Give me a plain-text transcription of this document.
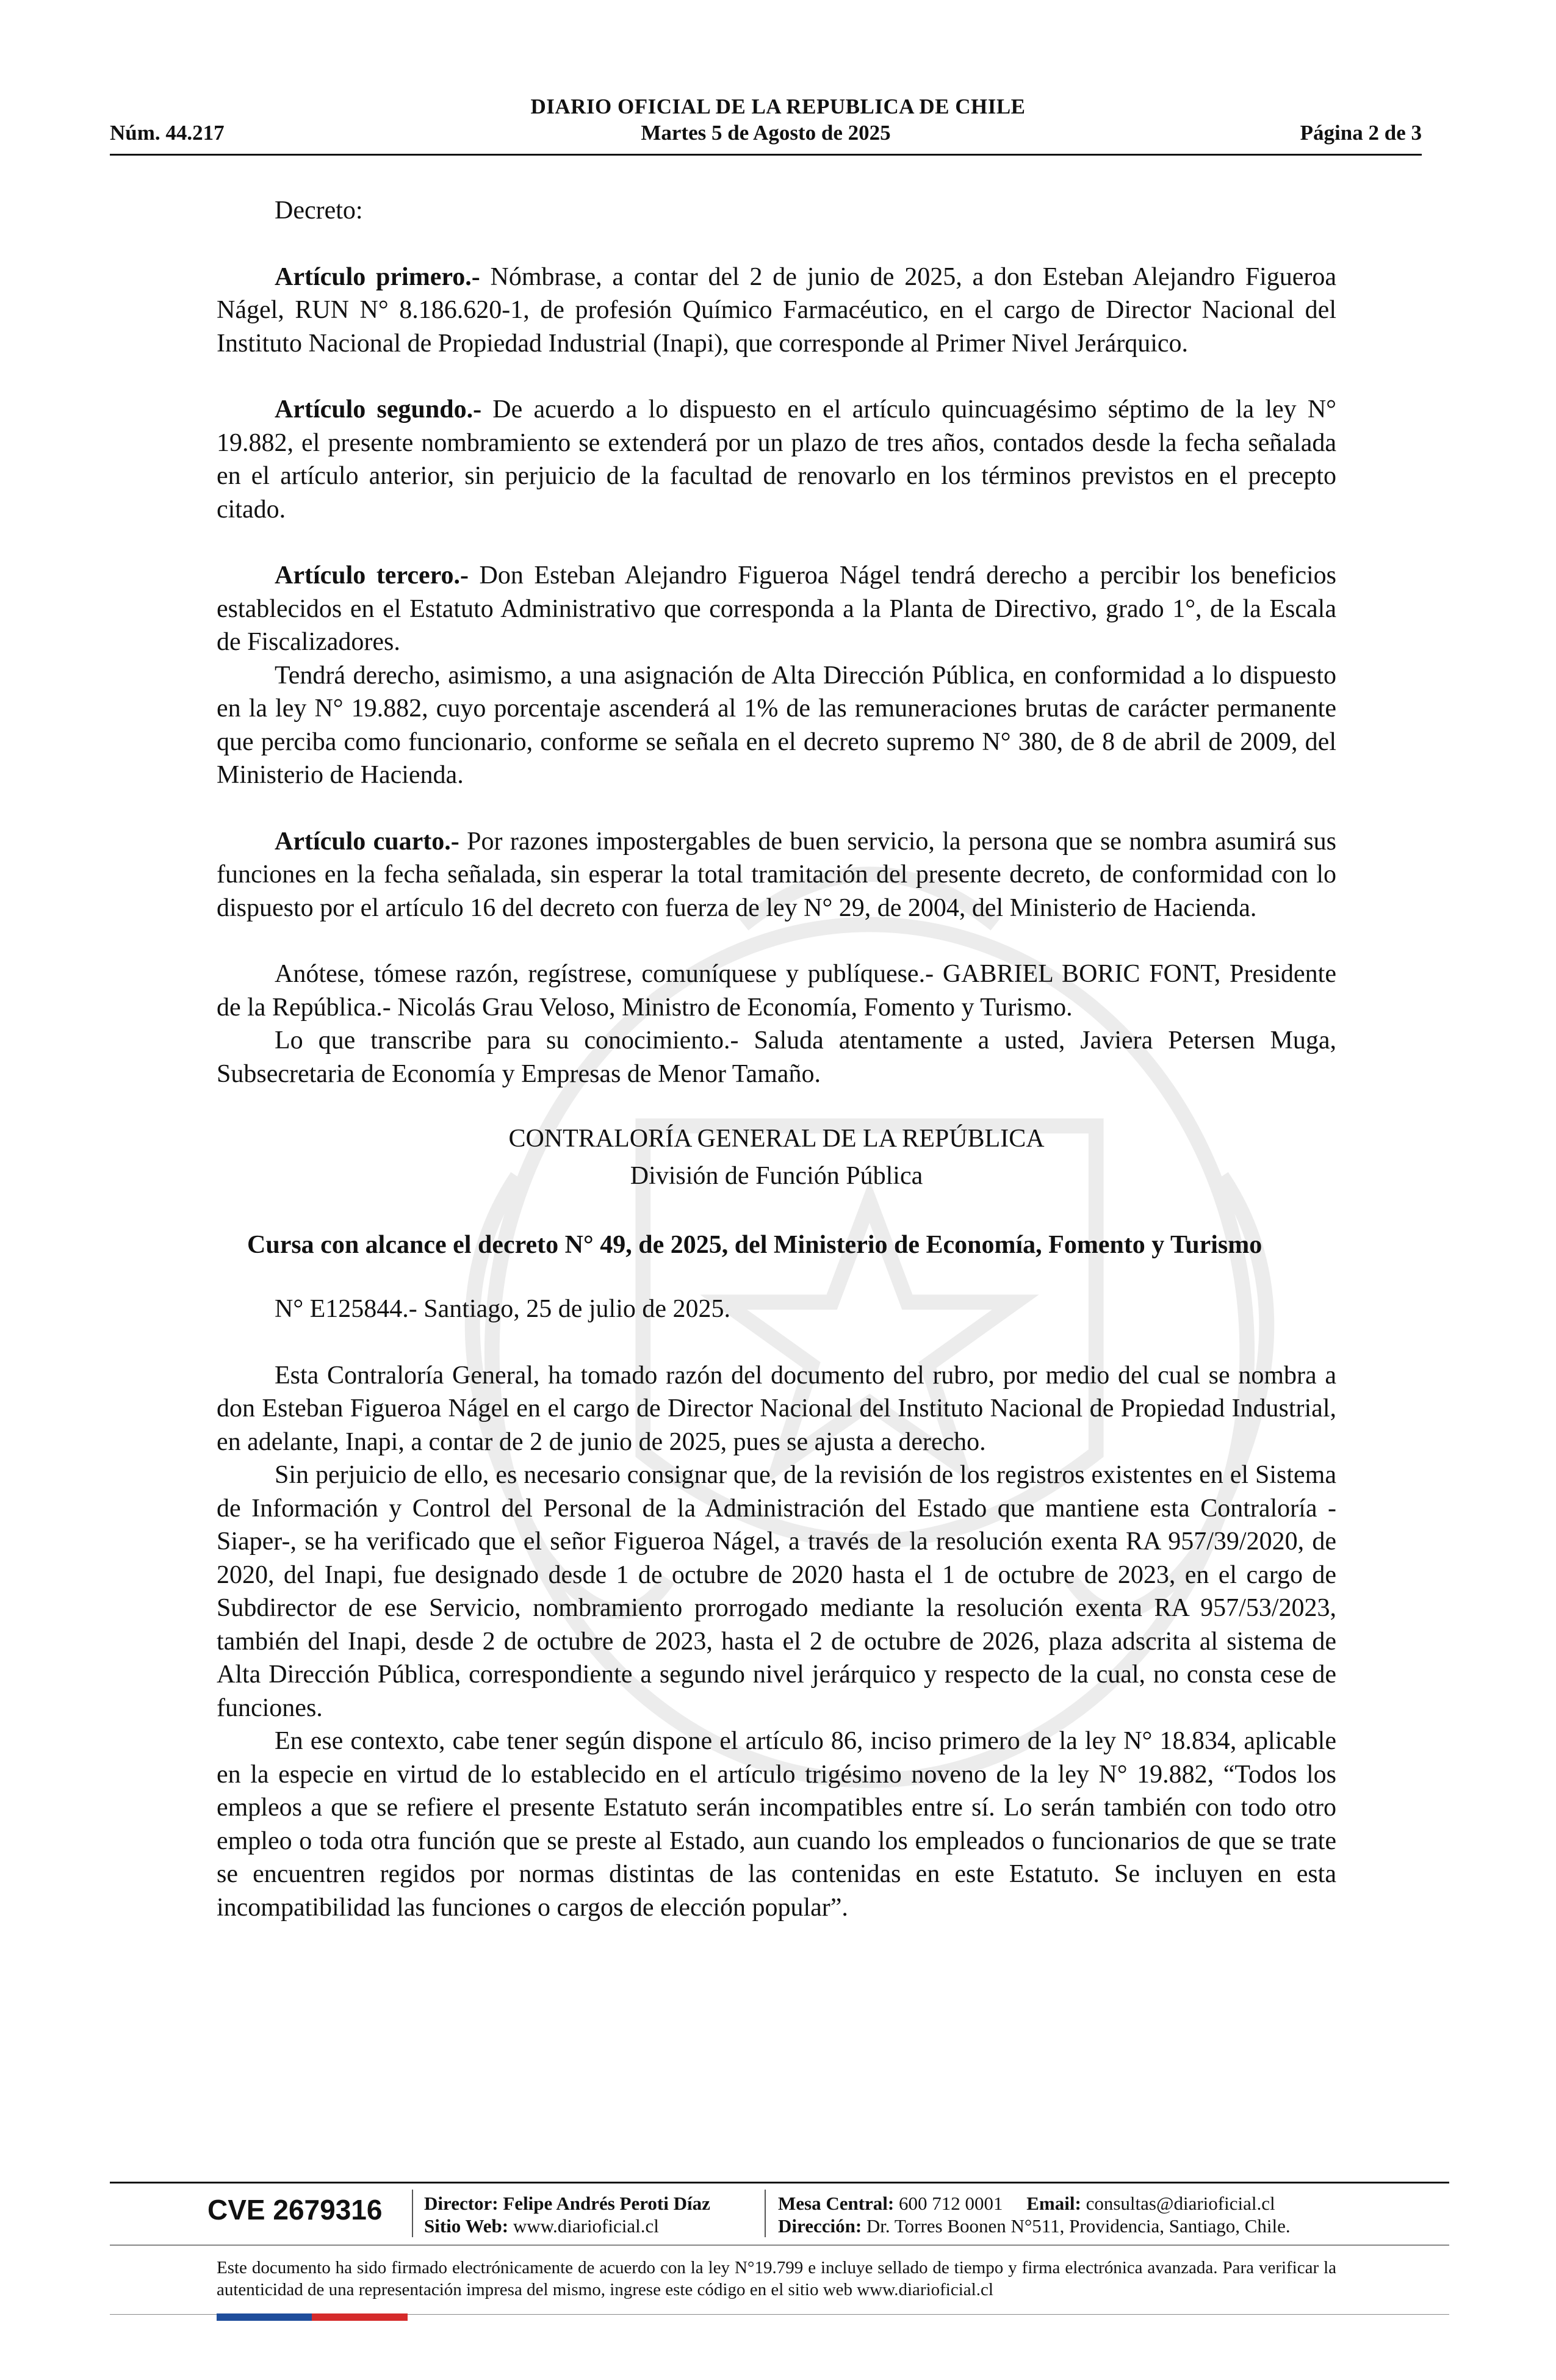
DIARIO OFICIAL DE LA REPUBLICA DE CHILE
Núm. 44.217	Martes 5 de Agosto de 2025	Página 2 de 3

Decreto:

Artículo primero.- Nómbrase, a contar del 2 de junio de 2025, a don Esteban Alejandro Figueroa Nágel, RUN N° 8.186.620-1, de profesión Químico Farmacéutico, en el cargo de Director Nacional del Instituto Nacional de Propiedad Industrial (Inapi), que corresponde al Primer Nivel Jerárquico.

Artículo segundo.- De acuerdo a lo dispuesto en el artículo quincuagésimo séptimo de la ley N° 19.882, el presente nombramiento se extenderá por un plazo de tres años, contados desde la fecha señalada en el artículo anterior, sin perjuicio de la facultad de renovarlo en los términos previstos en el precepto citado.

Artículo tercero.- Don Esteban Alejandro Figueroa Nágel tendrá derecho a percibir los beneficios establecidos en el Estatuto Administrativo que corresponda a la Planta de Directivo, grado 1°, de la Escala de Fiscalizadores.

Tendrá derecho, asimismo, a una asignación de Alta Dirección Pública, en conformidad a lo dispuesto en la ley N° 19.882, cuyo porcentaje ascenderá al 1% de las remuneraciones brutas de carácter permanente que perciba como funcionario, conforme se señala en el decreto supremo N° 380, de 8 de abril de 2009, del Ministerio de Hacienda.

Artículo cuarto.- Por razones impostergables de buen servicio, la persona que se nombra asumirá sus funciones en la fecha señalada, sin esperar la total tramitación del presente decreto, de conformidad con lo dispuesto por el artículo 16 del decreto con fuerza de ley N° 29, de 2004, del Ministerio de Hacienda.

Anótese, tómese razón, regístrese, comuníquese y publíquese.- GABRIEL BORIC FONT, Presidente de la República.- Nicolás Grau Veloso, Ministro de Economía, Fomento y Turismo.

Lo que transcribe para su conocimiento.- Saluda atentamente a usted, Javiera Petersen Muga, Subsecretaria de Economía y Empresas de Menor Tamaño.

CONTRALORÍA GENERAL DE LA REPÚBLICA

División de Función Pública

Cursa con alcance el decreto N° 49, de 2025, del Ministerio de Economía, Fomento y Turismo

N° E125844.- Santiago, 25 de julio de 2025.

Esta Contraloría General, ha tomado razón del documento del rubro, por medio del cual se nombra a don Esteban Figueroa Nágel en el cargo de Director Nacional del Instituto Nacional de Propiedad Industrial, en adelante, Inapi, a contar de 2 de junio de 2025, pues se ajusta a derecho.

Sin perjuicio de ello, es necesario consignar que, de la revisión de los registros existentes en el Sistema de Información y Control del Personal de la Administración del Estado que mantiene esta Contraloría -Siaper-, se ha verificado que el señor Figueroa Nágel, a través de la resolución exenta RA 957/39/2020, de 2020, del Inapi, fue designado desde 1 de octubre de 2020 hasta el 1 de octubre de 2023, en el cargo de Subdirector de ese Servicio, nombramiento prorrogado mediante la resolución exenta RA 957/53/2023, también del Inapi, desde 2 de octubre de 2023, hasta el 2 de octubre de 2026, plaza adscrita al sistema de Alta Dirección Pública, correspondiente a segundo nivel jerárquico y respecto de la cual, no consta cese de funciones.

En ese contexto, cabe tener según dispone el artículo 86, inciso primero de la ley N° 18.834, aplicable en la especie en virtud de lo establecido en el artículo trigésimo noveno de la ley N° 19.882, “Todos los empleos a que se refiere el presente Estatuto serán incompatibles entre sí. Lo serán también con todo otro empleo o toda otra función que se preste al Estado, aun cuando los empleados o funcionarios de que se trate se encuentren regidos por normas distintas de las contenidas en este Estatuto. Se incluyen en esta incompatibilidad las funciones o cargos de elección popular”.

CVE 2679316 Director: Felipe Andrés Peroti Díaz
Sitio Web: www.diarioficial.cl
Mesa Central: 600 712 0001 Email: consultas@diarioficial.cl
Dirección: Dr. Torres Boonen N°511, Providencia, Santiago, Chile.
Este documento ha sido firmado electrónicamente de acuerdo con la ley N°19.799 e incluye sellado de tiempo y firma electrónica avanzada. Para verificar la autenticidad de una representación impresa del mismo, ingrese este código en el sitio web www.diarioficial.cl
